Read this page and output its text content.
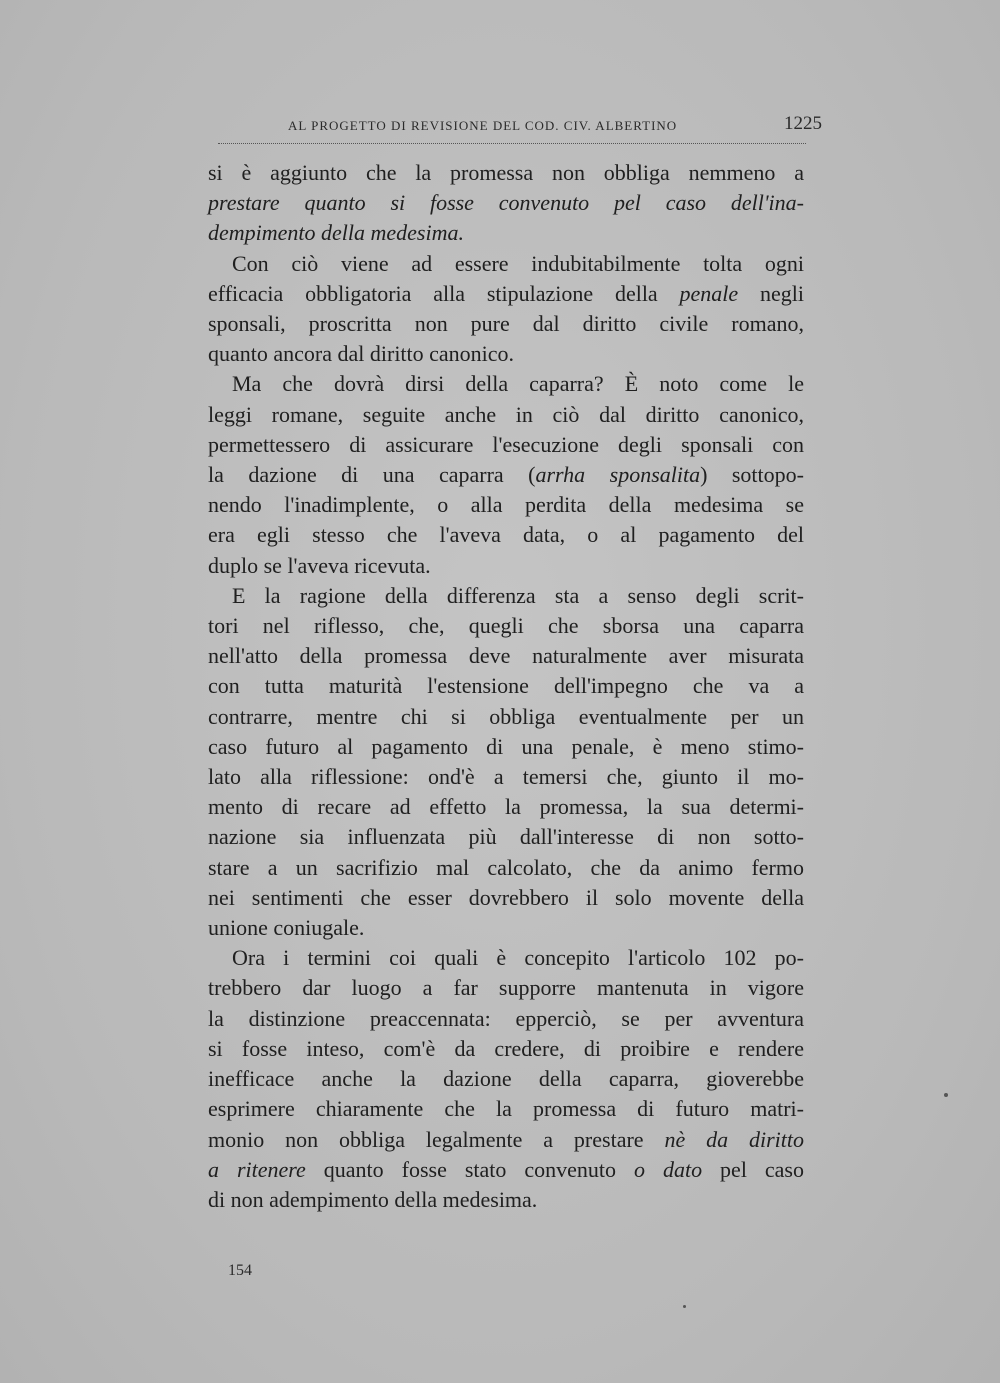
AL PROGETTO DI REVISIONE DEL COD. CIV. ALBERTINO	1225
si è aggiunto che la promessa non obbliga nemmeno a
prestare quanto si fosse convenuto pel caso dell'ina-
dempimento della medesima.
Con ciò viene ad essere indubitabilmente tolta ogni
efficacia obbligatoria alla stipulazione della penale negli
sponsali, proscritta non pure dal diritto civile romano,
quanto ancora dal diritto canonico.
Ma che dovrà dirsi della caparra? È noto come le
leggi romane, seguite anche in ciò dal diritto canonico,
permettessero di assicurare l'esecuzione degli sponsali con
la dazione di una caparra (arrha sponsalita) sottopo-
nendo l'inadimplente, o alla perdita della medesima se
era egli stesso che l'aveva data, o al pagamento del
duplo se l'aveva ricevuta.
E la ragione della differenza sta a senso degli scrit-
tori nel riflesso, che, quegli che sborsa una caparra
nell'atto della promessa deve naturalmente aver misurata
con tutta maturità l'estensione dell'impegno che va a
contrarre, mentre chi si obbliga eventualmente per un
caso futuro al pagamento di una penale, è meno stimo-
lato alla riflessione: ond'è a temersi che, giunto il mo-
mento di recare ad effetto la promessa, la sua determi-
nazione sia influenzata più dall'interesse di non sotto-
stare a un sacrifizio mal calcolato, che da animo fermo
nei sentimenti che esser dovrebbero il solo movente della
unione coniugale.
Ora i termini coi quali è concepito l'articolo 102 po-
trebbero dar luogo a far supporre mantenuta in vigore
la distinzione preaccennata: epperciò, se per avventura
si fosse inteso, com'è da credere, di proibire e rendere
inefficace anche la dazione della caparra, gioverebbe
esprimere chiaramente che la promessa di futuro matri-
monio non obbliga legalmente a prestare nè da diritto
a ritenere quanto fosse stato convenuto o dato pel caso
di non adempimento della medesima.
154
